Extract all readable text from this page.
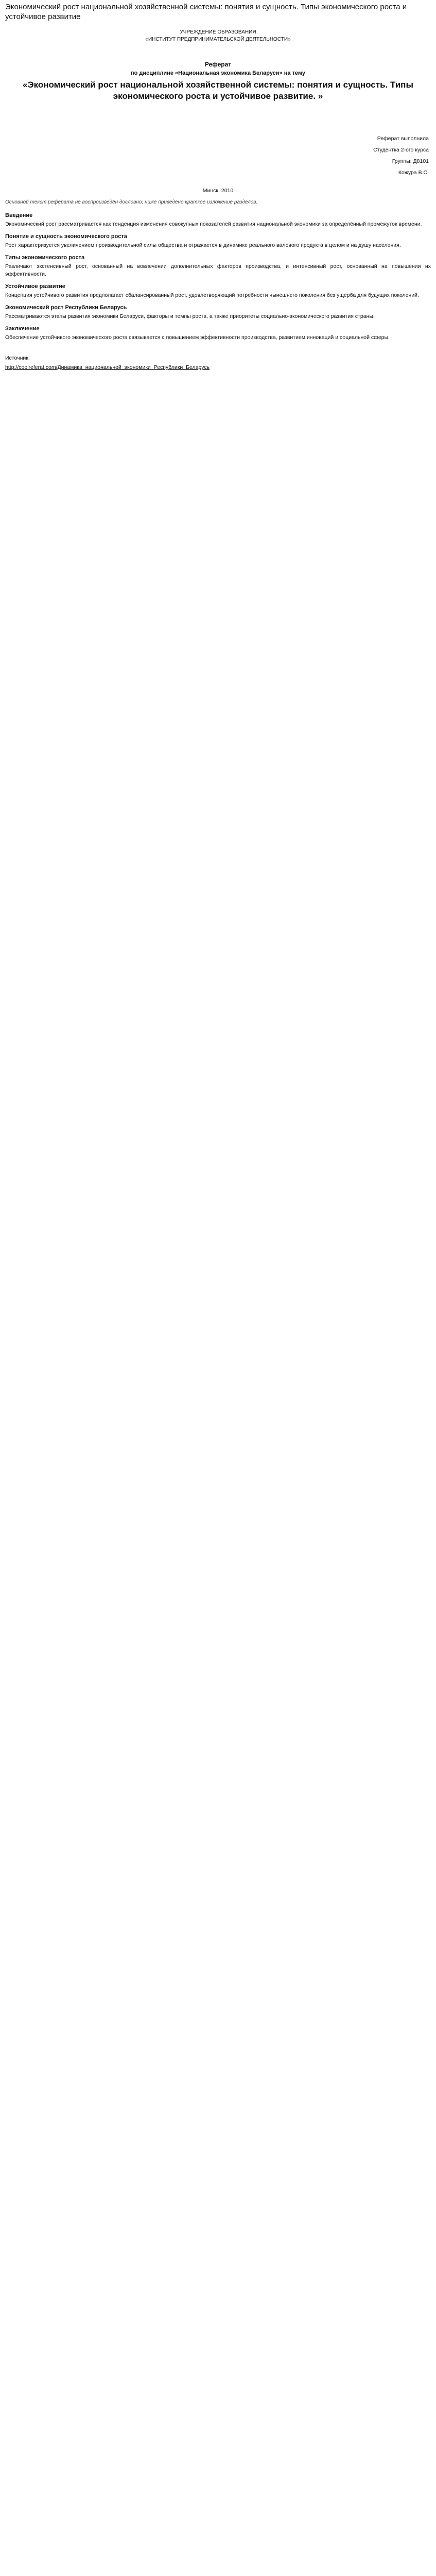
Экономический рост национальной хозяйственной системы: понятия и сущность. Типы экономического роста и устойчивое развитие
УЧРЕЖДЕНИЕ ОБРАЗОВАНИЯ
«ИНСТИТУТ ПРЕДПРИНИМАТЕЛЬСКОЙ ДЕЯТЕЛЬНОСТИ»
Реферат
по дисциплине «Национальная экономика Беларуси» на тему
«Экономический рост национальной хозяйственной системы: понятия и сущность. Типы экономического роста и устойчивое развитие. »
Реферат выполнила
Студентка 2-ого курса
Группы: Д8101
Кожура В.С.
Минск, 2010
Основной текст реферата не воспроизведён дословно; ниже приведено краткое изложение разделов.
Введение

Экономический рост рассматривается как тенденция изменения совокупных показателей развития национальной экономики за определённый промежуток времени.

Понятие и сущность экономического роста

Рост характеризуется увеличением производительной силы общества и отражается в динамике реального валового продукта в целом и на душу населения.

Типы экономического роста

Различают экстенсивный рост, основанный на вовлечении дополнительных факторов производства, и интенсивный рост, основанный на повышении их эффективности.

Устойчивое развитие

Концепция устойчивого развития предполагает сбалансированный рост, удовлетворяющий потребности нынешнего поколения без ущерба для будущих поколений.

Экономический рост Республики Беларусь

Рассматриваются этапы развития экономики Беларуси, факторы и темпы роста, а также приоритеты социально-экономического развития страны.

Заключение

Обеспечение устойчивого экономического роста связывается с повышением эффективности производства, развитием инноваций и социальной сферы.

Источник:
http://coolreferat.com/Динамика_национальной_экономики_Республики_Беларусь
